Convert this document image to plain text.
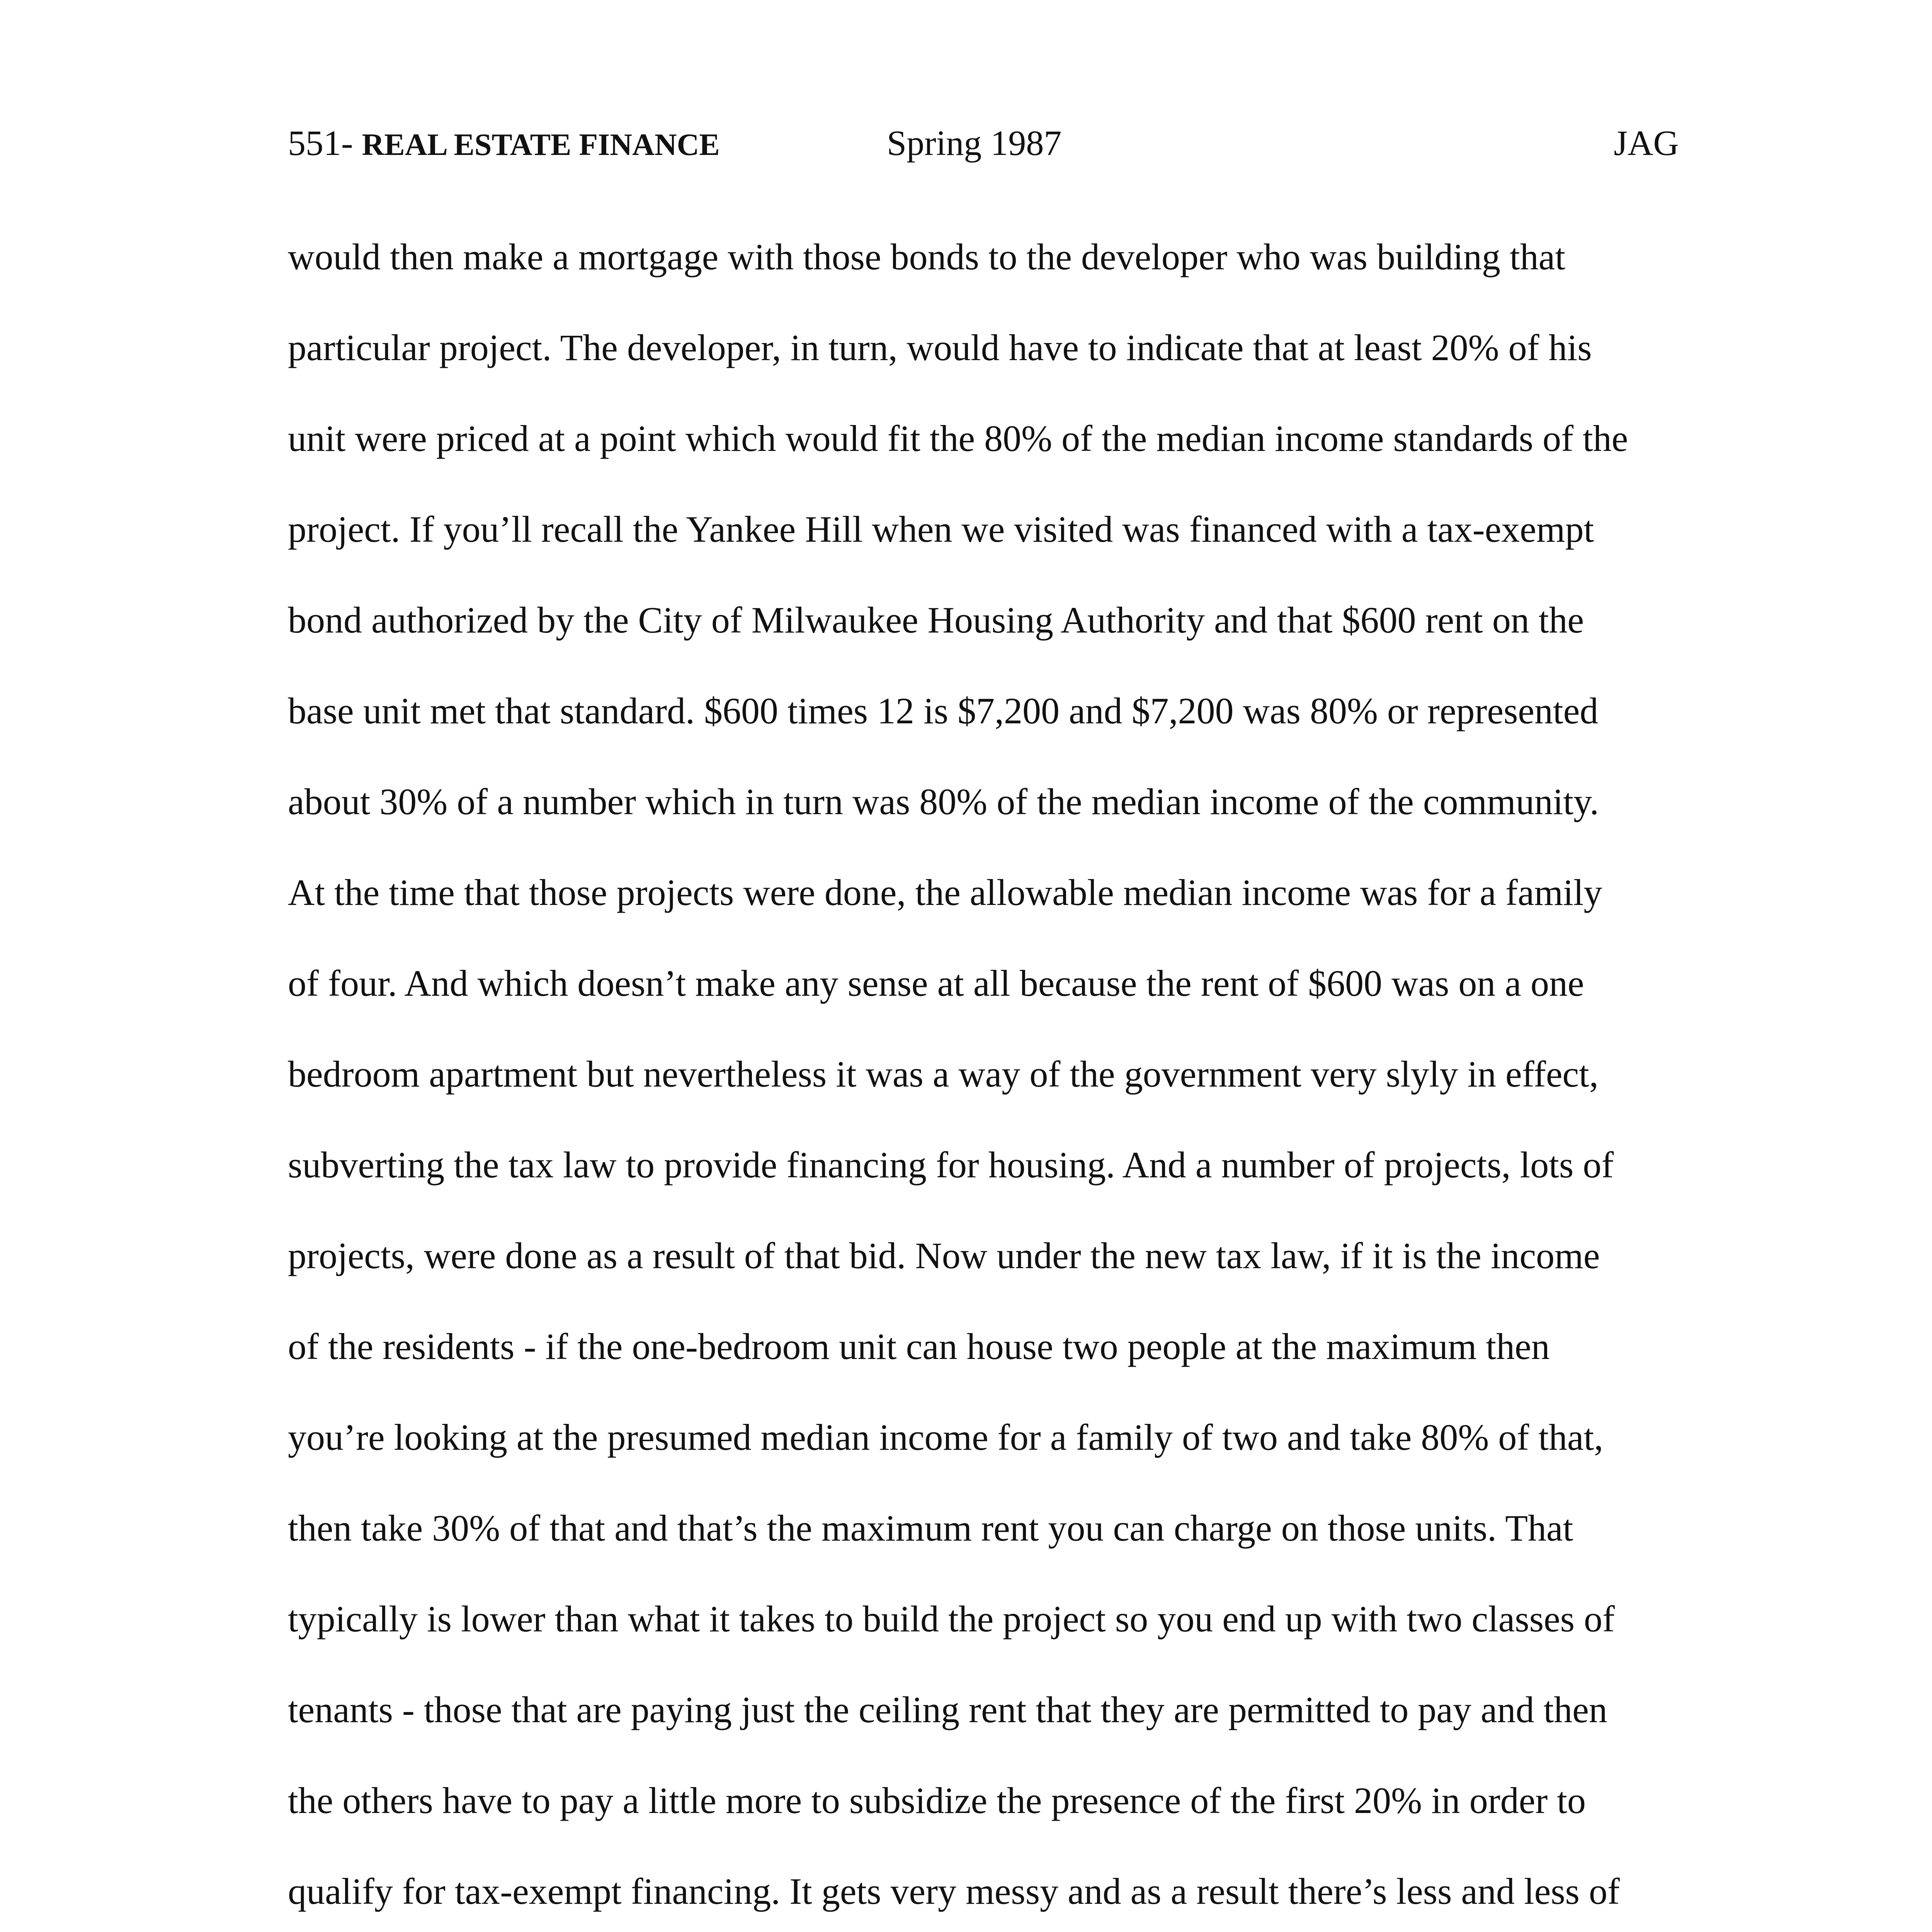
551- REAL ESTATE FINANCE	Spring 1987	JAG
would then make a mortgage with those bonds to the developer who was building that
particular project. The developer, in turn, would have to indicate that at least 20% of his
unit were priced at a point which would fit the 80% of the median income standards of the
project. If you’ll recall the Yankee Hill when we visited was financed with a tax-exempt
bond authorized by the City of Milwaukee Housing Authority and that $600 rent on the
base unit met that standard. $600 times 12 is $7,200 and $7,200 was 80% or represented
about 30% of a number which in turn was 80% of the median income of the community.
At the time that those projects were done, the allowable median income was for a family
of four. And which doesn’t make any sense at all because the rent of $600 was on a one
bedroom apartment but nevertheless it was a way of the government very slyly in effect,
subverting the tax law to provide financing for housing. And a number of projects, lots of
projects, were done as a result of that bid. Now under the new tax law, if it is the income
of the residents - if the one-bedroom unit can house two people at the maximum then
you’re looking at the presumed median income for a family of two and take 80% of that,
then take 30% of that and that’s the maximum rent you can charge on those units. That
typically is lower than what it takes to build the project so you end up with two classes of
tenants - those that are paying just the ceiling rent that they are permitted to pay and then
the others have to pay a little more to subsidize the presence of the first 20% in order to
qualify for tax-exempt financing. It gets very messy and as a result there’s less and less of
